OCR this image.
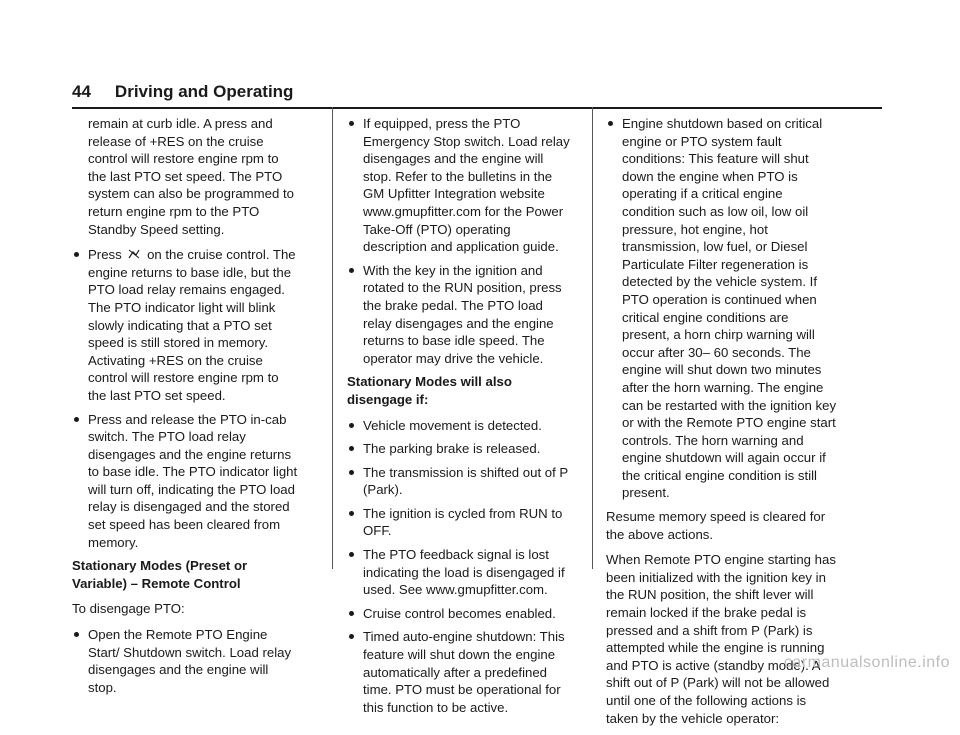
44 Driving and Operating

remain at curb idle. A press and release of +RES on the cruise control will restore engine rpm to the last PTO set speed. The PTO system can also be programmed to return engine rpm to the PTO Standby Speed setting.

Press on the cruise control. The engine returns to base idle, but the PTO load relay remains engaged. The PTO indicator light will blink slowly indicating that a PTO set speed is still stored in memory. Activating +RES on the cruise control will restore engine rpm to the last PTO set speed.
Press and release the PTO in-cab switch. The PTO load relay disengages and the engine returns to base idle. The PTO indicator light will turn off, indicating the PTO load relay is disengaged and the stored set speed has been cleared from memory.

Stationary Modes (Preset or Variable) – Remote Control

To disengage PTO:

Open the Remote PTO Engine Start/ Shutdown switch. Load relay disengages and the engine will stop.
If equipped, press the PTO Emergency Stop switch. Load relay disengages and the engine will stop. Refer to the bulletins in the GM Upfitter Integration website www.gmupfitter.com for the Power Take-Off (PTO) operating description and application guide.
With the key in the ignition and rotated to the RUN position, press the brake pedal. The PTO load relay disengages and the engine returns to base idle speed. The operator may drive the vehicle.

Stationary Modes will also disengage if:

Vehicle movement is detected.
The parking brake is released.
The transmission is shifted out of P (Park).
The ignition is cycled from RUN to OFF.
The PTO feedback signal is lost indicating the load is disengaged if used. See www.gmupfitter.com.
Cruise control becomes enabled.
Timed auto-engine shutdown: This feature will shut down the engine automatically after a predefined time. PTO must be operational for this function to be active.
Engine shutdown based on critical engine or PTO system fault conditions: This feature will shut down the engine when PTO is operating if a critical engine condition such as low oil, low oil pressure, hot engine, hot transmission, low fuel, or Diesel Particulate Filter regeneration is detected by the vehicle system. If PTO operation is continued when critical engine conditions are present, a horn chirp warning will occur after 30– 60 seconds. The engine will shut down two minutes after the horn warning. The engine can be restarted with the ignition key or with the Remote PTO engine start controls. The horn warning and engine shutdown will again occur if the critical engine condition is still present.

Resume memory speed is cleared for the above actions.

When Remote PTO engine starting has been initialized with the ignition key in the RUN position, the shift lever will remain locked if the brake pedal is pressed and a shift from P (Park) is attempted while the engine is running and PTO is active (standby mode). A shift out of P (Park) will not be allowed until one of the following actions is taken by the vehicle operator:

carmanualsonline.info
